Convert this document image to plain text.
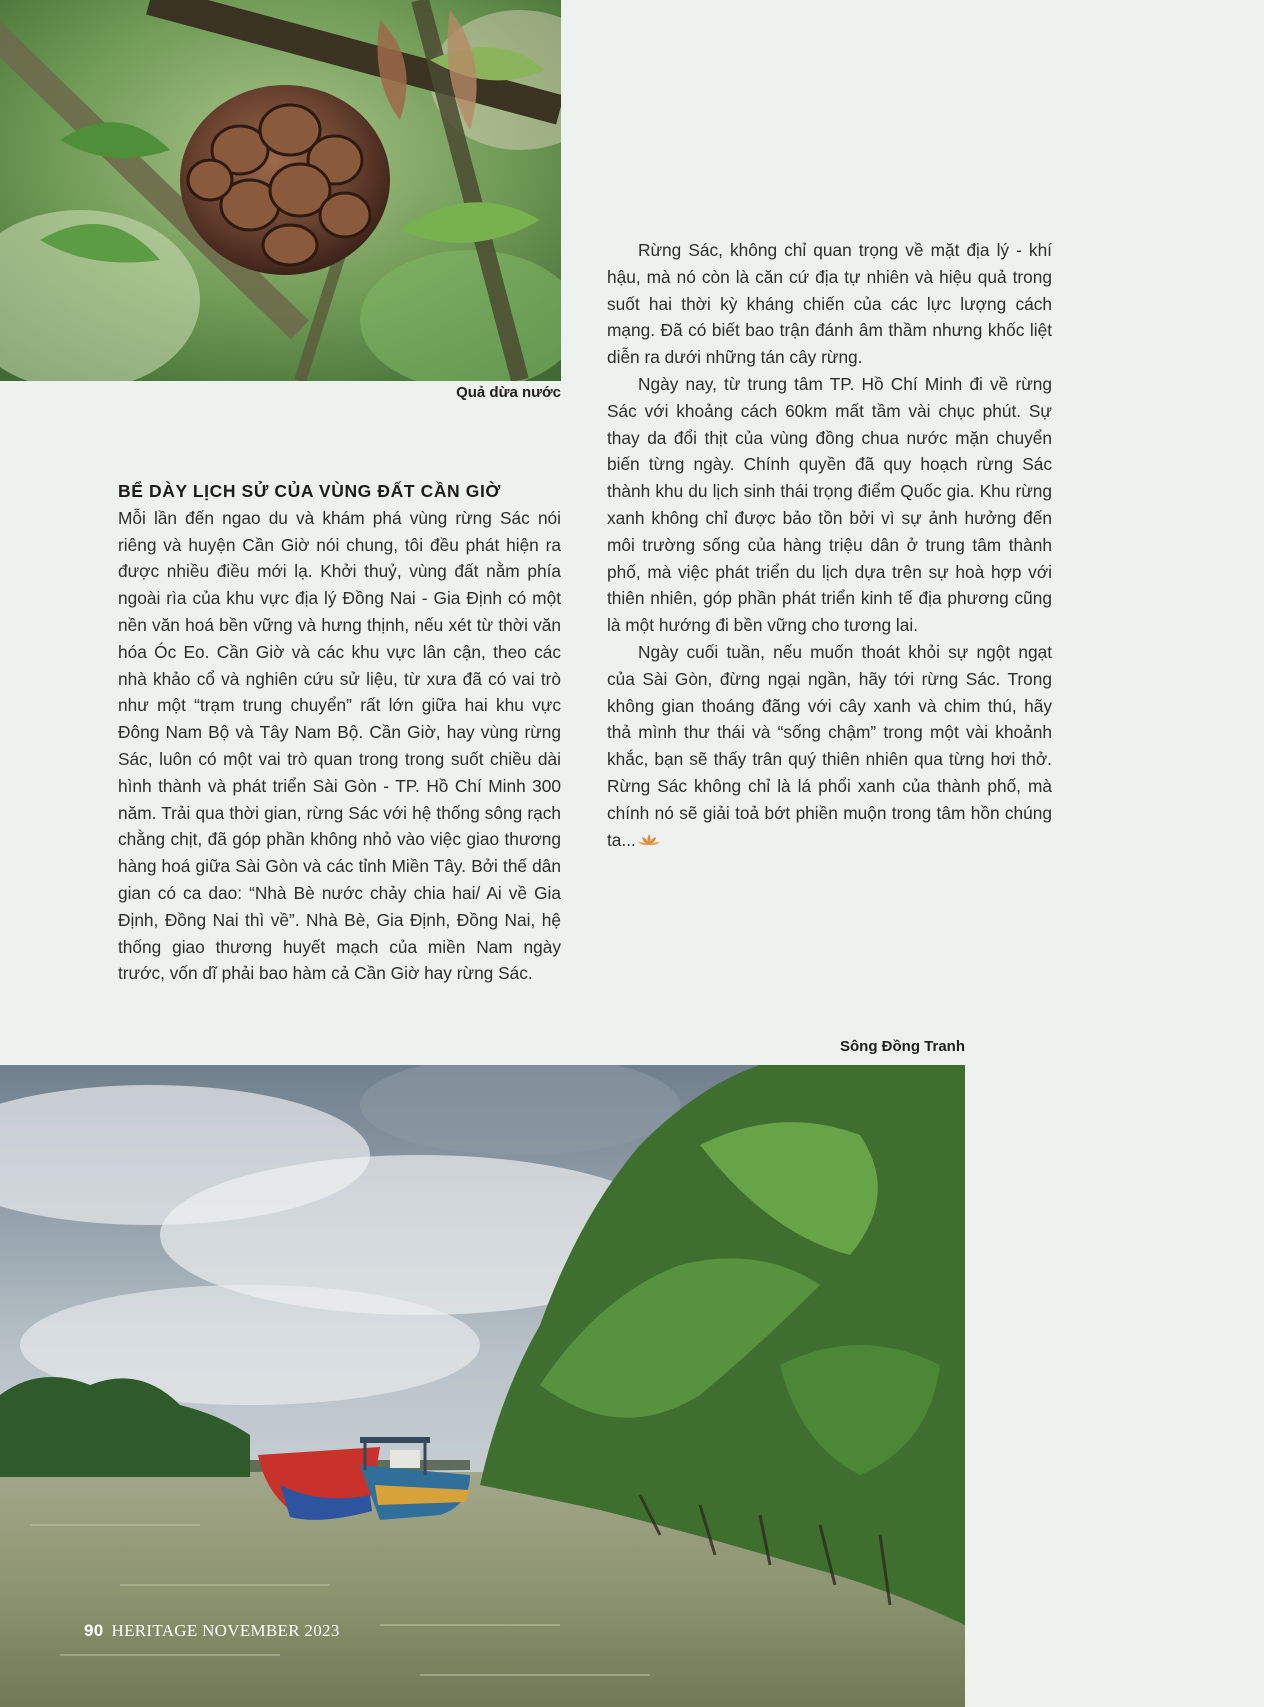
Quả dừa nước

BỂ DÀY LỊCH SỬ CỦA VÙNG ĐẤT CẦN GIỜ

Mỗi lần đến ngao du và khám phá vùng rừng Sác nói riêng và huyện Cần Giờ nói chung, tôi đều phát hiện ra được nhiều điều mới lạ. Khởi thuỷ, vùng đất nằm phía ngoài rìa của khu vực địa lý Đồng Nai - Gia Định có một nền văn hoá bền vững và hưng thịnh, nếu xét từ thời văn hóa Óc Eo. Cần Giờ và các khu vực lân cận, theo các nhà khảo cổ và nghiên cứu sử liệu, từ xưa đã có vai trò như một “trạm trung chuyển” rất lớn giữa hai khu vực Đông Nam Bộ và Tây Nam Bộ. Cần Giờ, hay vùng rừng Sác, luôn có một vai trò quan trong trong suốt chiều dài hình thành và phát triển Sài Gòn - TP. Hồ Chí Minh 300 năm. Trải qua thời gian, rừng Sác với hệ thống sông rạch chằng chịt, đã góp phần không nhỏ vào việc giao thương hàng hoá giữa Sài Gòn và các tỉnh Miền Tây. Bởi thế dân gian có ca dao: “Nhà Bè nước chảy chia hai/ Ai về Gia Định, Đồng Nai thì về”. Nhà Bè, Gia Định, Đồng Nai, hệ thống giao thương huyết mạch của miền Nam ngày trước, vốn dĩ phải bao hàm cả Cần Giờ hay rừng Sác.

Rừng Sác, không chỉ quan trọng về mặt địa lý - khí hậu, mà nó còn là căn cứ địa tự nhiên và hiệu quả trong suốt hai thời kỳ kháng chiến của các lực lượng cách mạng. Đã có biết bao trận đánh âm thầm nhưng khốc liệt diễn ra dưới những tán cây rừng.

Ngày nay, từ trung tâm TP. Hồ Chí Minh đi về rừng Sác với khoảng cách 60km mất tầm vài chục phút. Sự thay da đổi thịt của vùng đồng chua nước mặn chuyển biến từng ngày. Chính quyền đã quy hoạch rừng Sác thành khu du lịch sinh thái trọng điểm Quốc gia. Khu rừng xanh không chỉ được bảo tồn bởi vì sự ảnh hưởng đến môi trường sống của hàng triệu dân ở trung tâm thành phố, mà việc phát triển du lịch dựa trên sự hoà hợp với thiên nhiên, góp phần phát triển kinh tế địa phương cũng là một hướng đi bền vững cho tương lai.

Ngày cuối tuần, nếu muốn thoát khỏi sự ngột ngạt của Sài Gòn, đừng ngại ngần, hãy tới rừng Sác. Trong không gian thoáng đãng với cây xanh và chim thú, hãy thả mình thư thái và “sống chậm” trong một vài khoảnh khắc, bạn sẽ thấy trân quý thiên nhiên qua từng hơi thở. Rừng Sác không chỉ là lá phổi xanh của thành phố, mà chính nó sẽ giải toả bớt phiền muộn trong tâm hồn chúng ta...

Sông Đồng Tranh
90 HERITAGE NOVEMBER 2023
